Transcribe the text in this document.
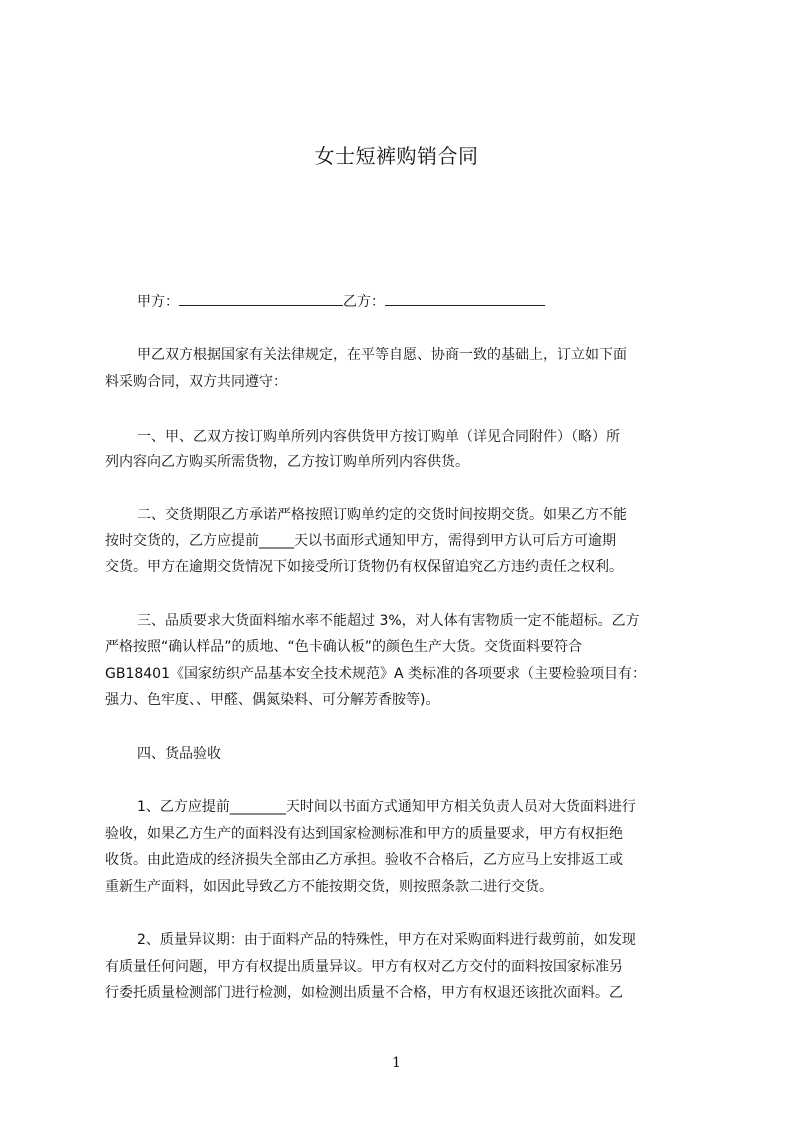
女士短裤购销合同
甲方：	乙方：
甲乙双方根据国家有关法律规定，在平等自愿、协商一致的基础上，订立如下面
料采购合同，双方共同遵守：
一、甲、乙双方按订购单所列内容供货甲方按订购单（详见合同附件）（略）所
列内容向乙方购买所需货物，乙方按订购单所列内容供货。
二、交货期限乙方承诺严格按照订购单约定的交货时间按期交货。如果乙方不能
按时交货的，乙方应提前_____天以书面形式通知甲方，需得到甲方认可后方可逾期
交货。甲方在逾期交货情况下如接受所订货物仍有权保留追究乙方违约责任之权利。
三、品质要求大货面料缩水率不能超过 3%，对人体有害物质一定不能超标。乙方
严格按照“确认样品”的质地、“色卡确认板”的颜色生产大货。交货面料要符合
GB18401《国家纺织产品基本安全技术规范》A 类标准的各项要求（主要检验项目有：
强力、色牢度、、甲醛、偶氮染料、可分解芳香胺等)。
四、货品验收
1、乙方应提前________天时间以书面方式通知甲方相关负责人员对大货面料进行
验收，如果乙方生产的面料没有达到国家检测标准和甲方的质量要求，甲方有权拒绝
收货。由此造成的经济损失全部由乙方承担。验收不合格后，乙方应马上安排返工或
重新生产面料，如因此导致乙方不能按期交货，则按照条款二进行交货。
2、质量异议期：由于面料产品的特殊性，甲方在对采购面料进行裁剪前，如发现
有质量任何问题，甲方有权提出质量异议。甲方有权对乙方交付的面料按国家标准另
行委托质量检测部门进行检测，如检测出质量不合格，甲方有权退还该批次面料。乙
1
